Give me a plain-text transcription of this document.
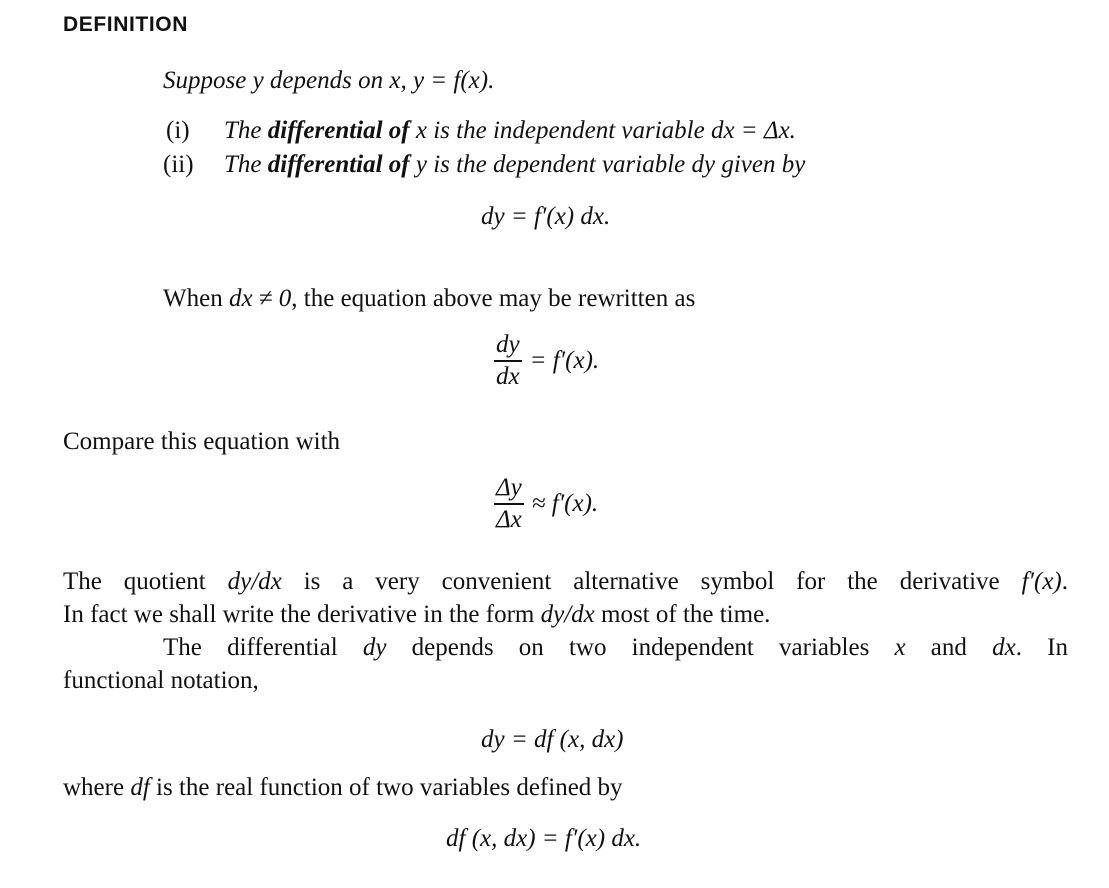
DEFINITION
Suppose y depends on x, y = f(x).
(i) The differential of x is the independent variable dx = Δx.
(ii) The differential of y is the dependent variable dy given by
dy = f′(x) dx.
When dx ≠ 0, the equation above may be rewritten as
$\frac{dy}{dx} = f'(x)$.
Compare this equation with
$\frac{\Delta y}{\Delta x} \approx f'(x)$.
The quotient dy/dx is a very convenient alternative symbol for the derivative f′(x).
In fact we shall write the derivative in the form dy/dx most of the time.
The differential dy depends on two independent variables x and dx. In
functional notation,
dy = df (x, dx)
where df is the real function of two variables defined by
df (x, dx) = f′(x) dx.
